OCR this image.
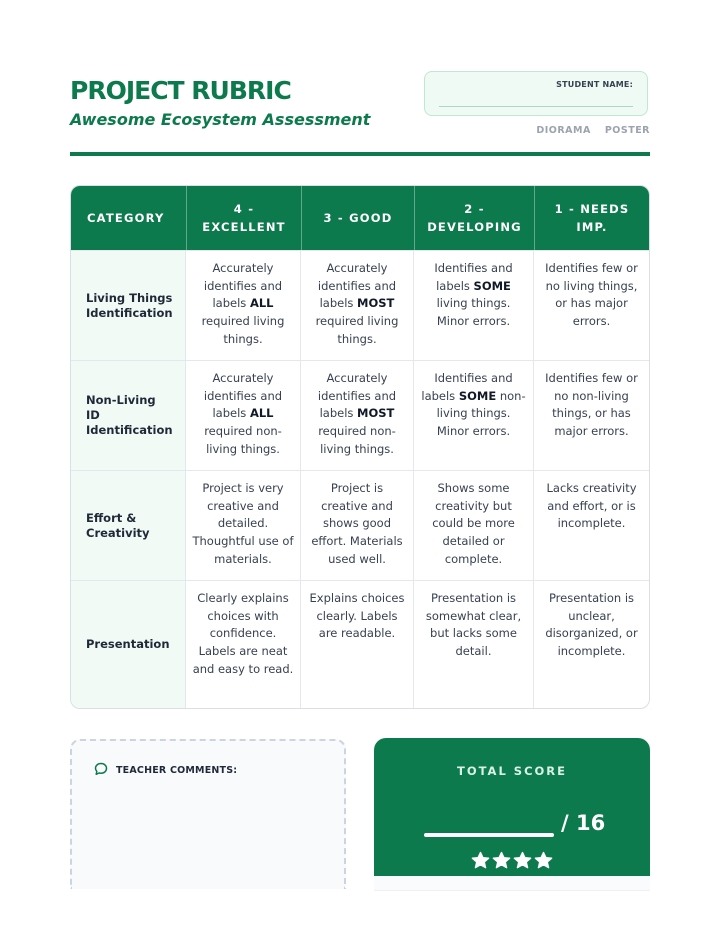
PROJECT RUBRIC
Awesome Ecosystem Assessment
STUDENT NAME:
DIORAMA POSTER
CATEGORY
4 -
EXCELLENT
3 - GOOD
2 -
DEVELOPING
1 - NEEDS
IMP.
Living Things Identification
Accurately identifies and labels ALL required living things.
Accurately identifies and labels MOST required living things.
Identifies and labels SOME living things. Minor errors.
Identifies few or no living things, or has major errors.
Non-Living ID Identification
Accurately identifies and labels ALL required non-living things.
Accurately identifies and labels MOST required non-living things.
Identifies and labels SOME non-living things. Minor errors.
Identifies few or no non-living things, or has major errors.
Effort & Creativity
Project is very creative and detailed. Thoughtful use of materials.
Project is creative and shows good effort. Materials used well.
Shows some creativity but could be more detailed or complete.
Lacks creativity and effort, or is incomplete.
Presentation
Clearly explains choices with confidence. Labels are neat and easy to read.
Explains choices clearly. Labels are readable.
Presentation is somewhat clear, but lacks some detail.
Presentation is unclear, disorganized, or incomplete.
TEACHER COMMENTS:	TOTAL SCORE
/ 16
